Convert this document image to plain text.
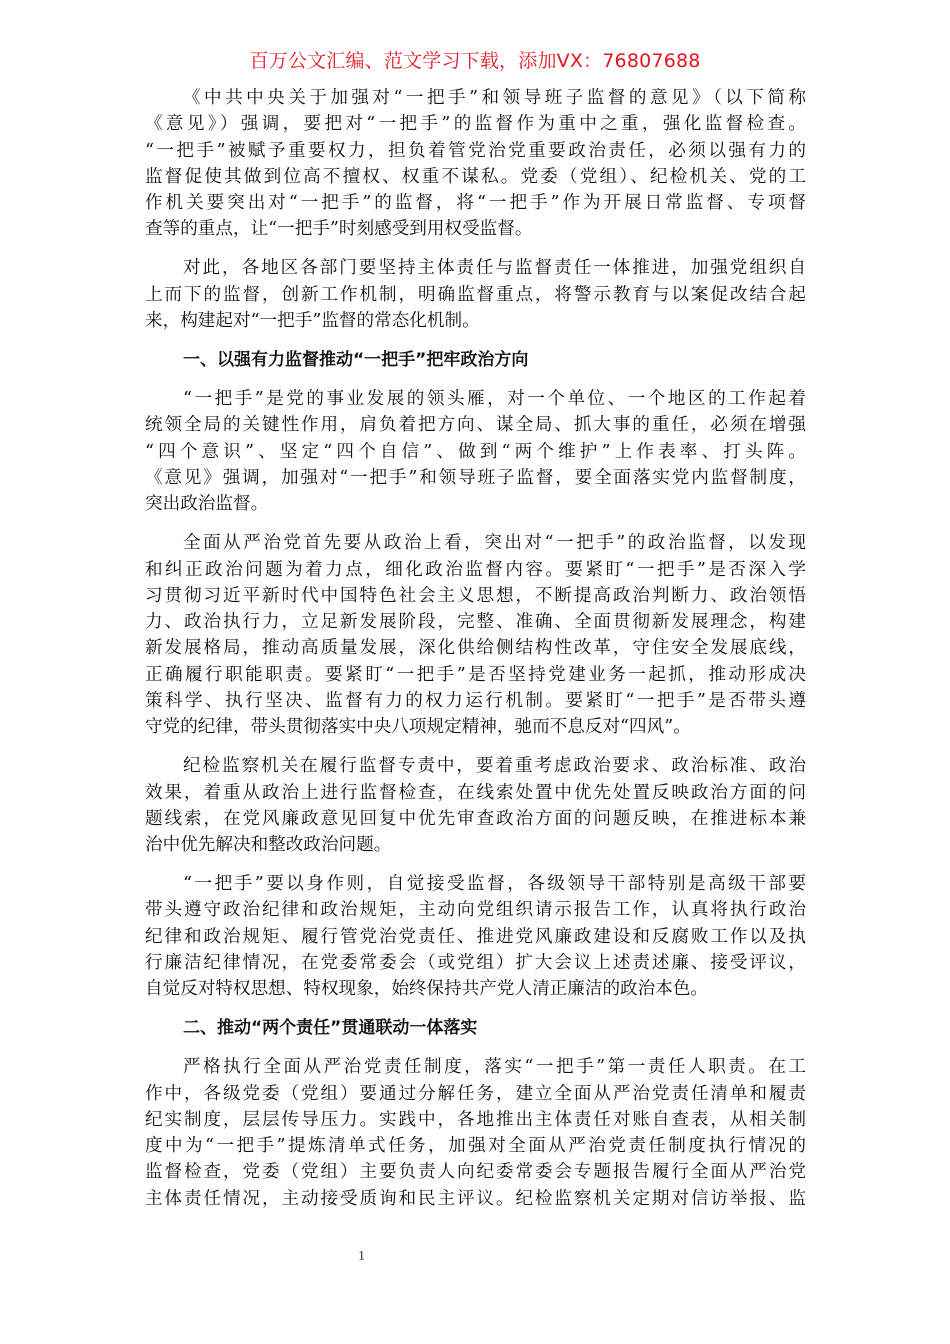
百万公文汇编、范文学习下载，添加VX：76807688
《中共中央关于加强对“一把手”和领导班子监督的意见》（以下简称
《意见》）强调，要把对“一把手”的监督作为重中之重，强化监督检查。
“一把手”被赋予重要权力，担负着管党治党重要政治责任，必须以强有力的
监督促使其做到位高不擅权、权重不谋私。党委（党组）、纪检机关、党的工
作机关要突出对“一把手”的监督，将“一把手”作为开展日常监督、专项督
查等的重点，让“一把手”时刻感受到用权受监督。
对此，各地区各部门要坚持主体责任与监督责任一体推进，加强党组织自
上而下的监督，创新工作机制，明确监督重点，将警示教育与以案促改结合起
来，构建起对“一把手”监督的常态化机制。
一、以强有力监督推动“一把手”把牢政治方向
“一把手”是党的事业发展的领头雁，对一个单位、一个地区的工作起着
统领全局的关键性作用，肩负着把方向、谋全局、抓大事的重任，必须在增强
“四个意识”、坚定“四个自信”、做到“两个维护”上作表率、打头阵。
《意见》强调，加强对“一把手”和领导班子监督，要全面落实党内监督制度，
突出政治监督。
全面从严治党首先要从政治上看，突出对“一把手”的政治监督，以发现
和纠正政治问题为着力点，细化政治监督内容。要紧盯“一把手”是否深入学
习贯彻习近平新时代中国特色社会主义思想，不断提高政治判断力、政治领悟
力、政治执行力，立足新发展阶段，完整、准确、全面贯彻新发展理念，构建
新发展格局，推动高质量发展，深化供给侧结构性改革，守住安全发展底线，
正确履行职能职责。要紧盯“一把手”是否坚持党建业务一起抓，推动形成决
策科学、执行坚决、监督有力的权力运行机制。要紧盯“一把手”是否带头遵
守党的纪律，带头贯彻落实中央八项规定精神，驰而不息反对“四风”。
纪检监察机关在履行监督专责中，要着重考虑政治要求、政治标准、政治
效果，着重从政治上进行监督检查，在线索处置中优先处置反映政治方面的问
题线索，在党风廉政意见回复中优先审查政治方面的问题反映，在推进标本兼
治中优先解决和整改政治问题。
“一把手”要以身作则，自觉接受监督，各级领导干部特别是高级干部要
带头遵守政治纪律和政治规矩，主动向党组织请示报告工作，认真将执行政治
纪律和政治规矩、履行管党治党责任、推进党风廉政建设和反腐败工作以及执
行廉洁纪律情况，在党委常委会（或党组）扩大会议上述责述廉、接受评议，
自觉反对特权思想、特权现象，始终保持共产党人清正廉洁的政治本色。
二、推动“两个责任”贯通联动一体落实
严格执行全面从严治党责任制度，落实“一把手”第一责任人职责。在工
作中，各级党委（党组）要通过分解任务，建立全面从严治党责任清单和履责
纪实制度，层层传导压力。实践中，各地推出主体责任对账自查表，从相关制
度中为“一把手”提炼清单式任务，加强对全面从严治党责任制度执行情况的
监督检查，党委（党组）主要负责人向纪委常委会专题报告履行全面从严治党
主体责任情况，主动接受质询和民主评议。纪检监察机关定期对信访举报、监
1
